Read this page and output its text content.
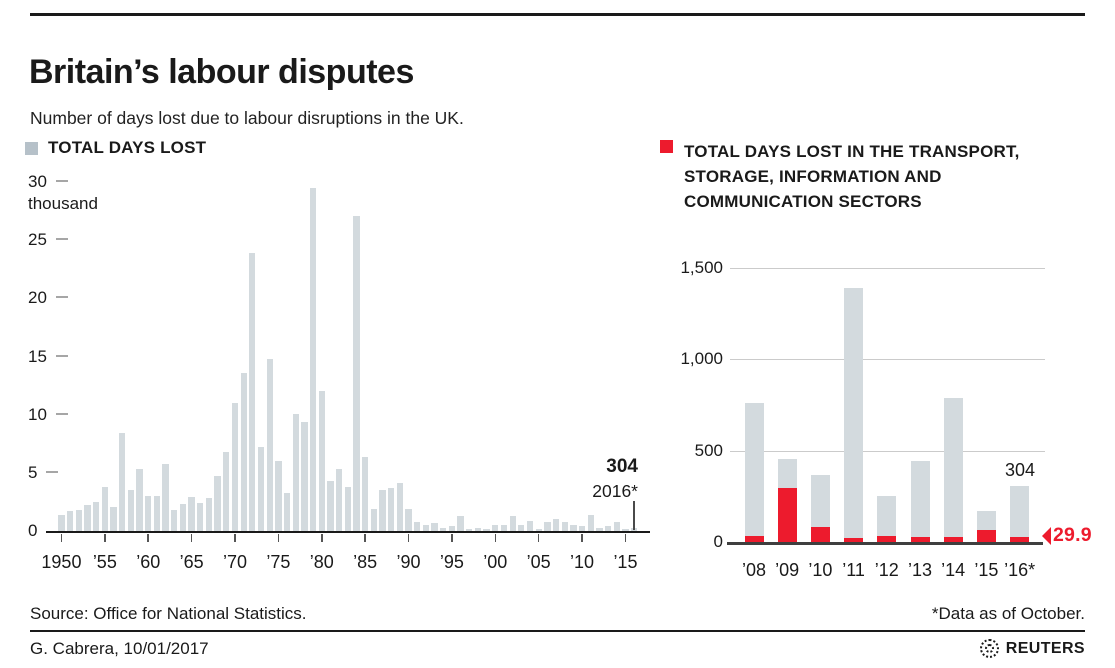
Britain’s labour disputes

Number of days lost due to labour disruptions in the UK.

TOTAL DAYS LOST	TOTAL DAYS LOST IN THE TRANSPORT,
STORAGE, INFORMATION AND
COMMUNICATION SECTORS
thousand
30
25
20
15
10
5
0
1950 ’55	’60	’65	’70	’75	’80	’85	’90	’95	’00	’05	’10	’15
304
2016*
1,500
1,000
500
0
’08 ’09 ’10 ’11 ’12 ’13 ’14 ’15 ’16*
304
29.9
Source: Office for National Statistics.	*Data as of October.
G. Cabrera, 10/01/2017	REUTERS
